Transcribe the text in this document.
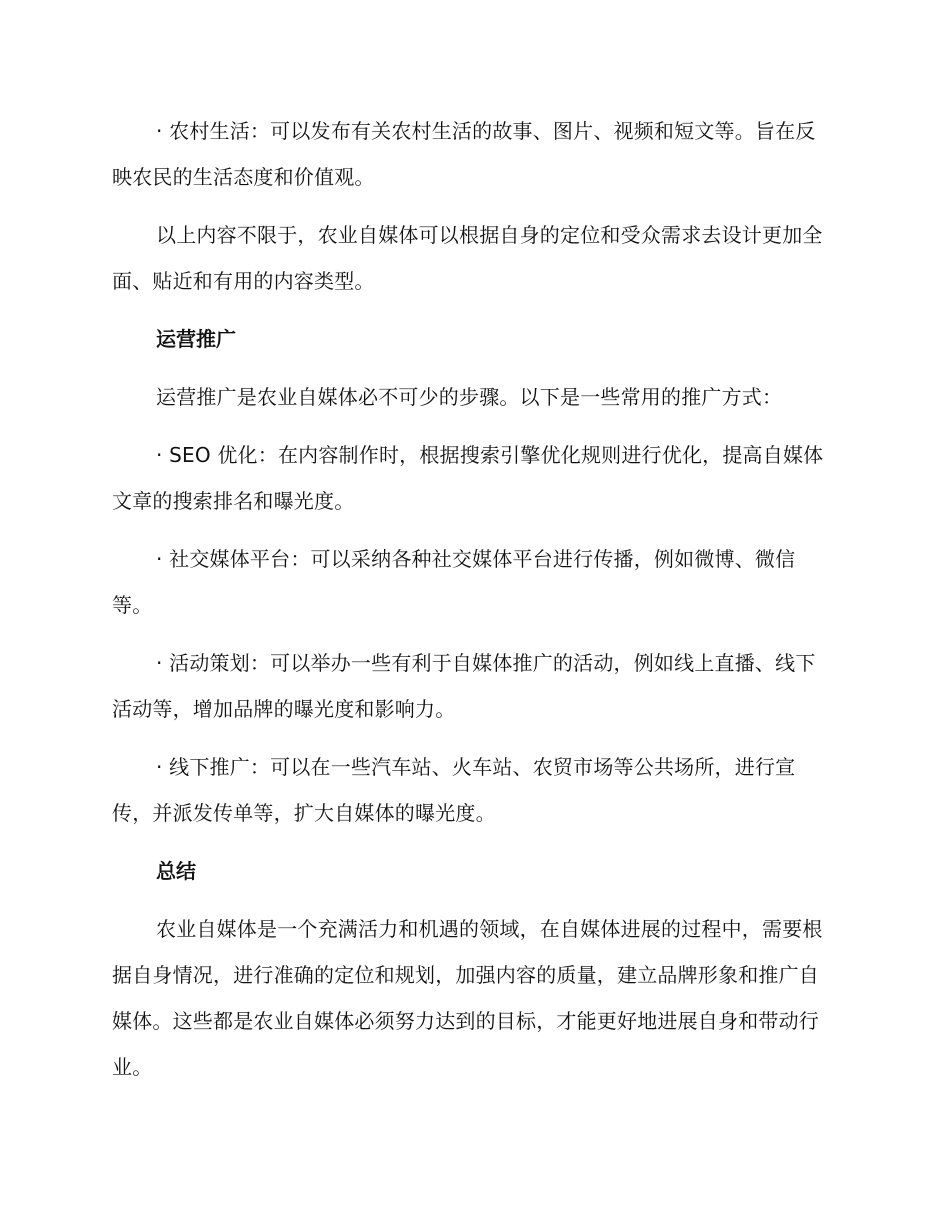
· 农村生活：可以发布有关农村生活的故事、图片、视频和短文等。旨在反映农民的生活态度和价值观。

以上内容不限于，农业自媒体可以根据自身的定位和受众需求去设计更加全面、贴近和有用的内容类型。

运营推广

运营推广是农业自媒体必不可少的步骤。以下是一些常用的推广方式：

· SEO 优化：在内容制作时，根据搜索引擎优化规则进行优化，提高自媒体文章的搜索排名和曝光度。

· 社交媒体平台：可以采纳各种社交媒体平台进行传播，例如微博、微信等。

· 活动策划：可以举办一些有利于自媒体推广的活动，例如线上直播、线下活动等，增加品牌的曝光度和影响力。

· 线下推广：可以在一些汽车站、火车站、农贸市场等公共场所，进行宣传，并派发传单等，扩大自媒体的曝光度。

总结

农业自媒体是一个充满活力和机遇的领域，在自媒体进展的过程中，需要根据自身情况，进行准确的定位和规划，加强内容的质量，建立品牌形象和推广自媒体。这些都是农业自媒体必须努力达到的目标，才能更好地进展自身和带动行业。
